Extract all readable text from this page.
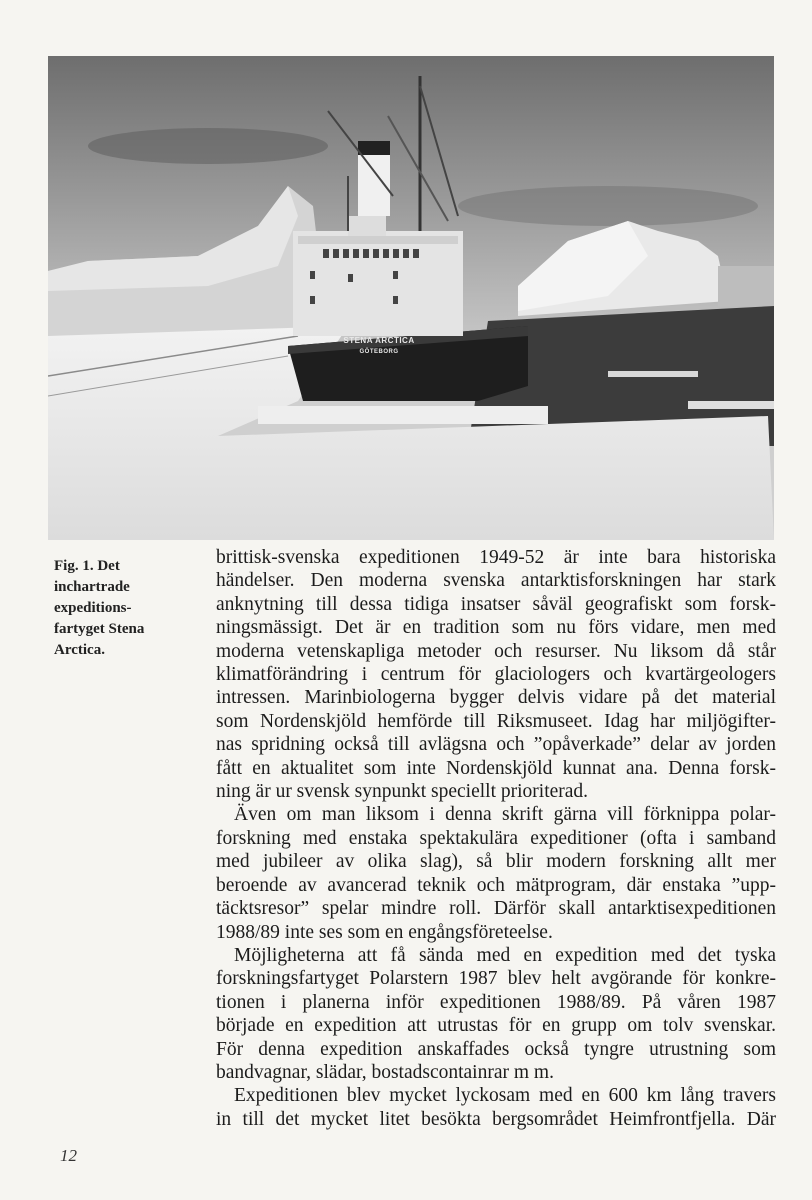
STENA ARCTICA
GÖTEBORG
Fig. 1. Det
inchartrade
expeditions-
fartyget Stena
Arctica.
brittisk-svenska expeditionen 1949-52 är inte bara historiska
händelser. Den moderna svenska antarktisforskningen har stark
anknytning till dessa tidiga insatser såväl geografiskt som forsk-
ningsmässigt. Det är en tradition som nu förs vidare, men med
moderna vetenskapliga metoder och resurser. Nu liksom då står
klimatförändring i centrum för glaciologers och kvartärgeologers
intressen. Marinbiologerna bygger delvis vidare på det material
som Nordenskjöld hemförde till Riksmuseet. Idag har miljögifter-
nas spridning också till avlägsna och ”opåverkade” delar av jorden
fått en aktualitet som inte Nordenskjöld kunnat ana. Denna forsk-
ning är ur svensk synpunkt speciellt prioriterad.
Även om man liksom i denna skrift gärna vill förknippa polar-
forskning med enstaka spektakulära expeditioner (ofta i samband
med jubileer av olika slag), så blir modern forskning allt mer
beroende av avancerad teknik och mätprogram, där enstaka ”upp-
täcktsresor” spelar mindre roll. Därför skall antarktisexpeditionen
1988/89 inte ses som en engångsföreteelse.
Möjligheterna att få sända med en expedition med det tyska
forskningsfartyget Polarstern 1987 blev helt avgörande för konkre-
tionen i planerna inför expeditionen 1988/89. På våren 1987
började en expedition att utrustas för en grupp om tolv svenskar.
För denna expedition anskaffades också tyngre utrustning som
bandvagnar, slädar, bostadscontainrar m m.
Expeditionen blev mycket lyckosam med en 600 km lång travers
in till det mycket litet besökta bergsområdet Heimfrontfjella. Där
12
